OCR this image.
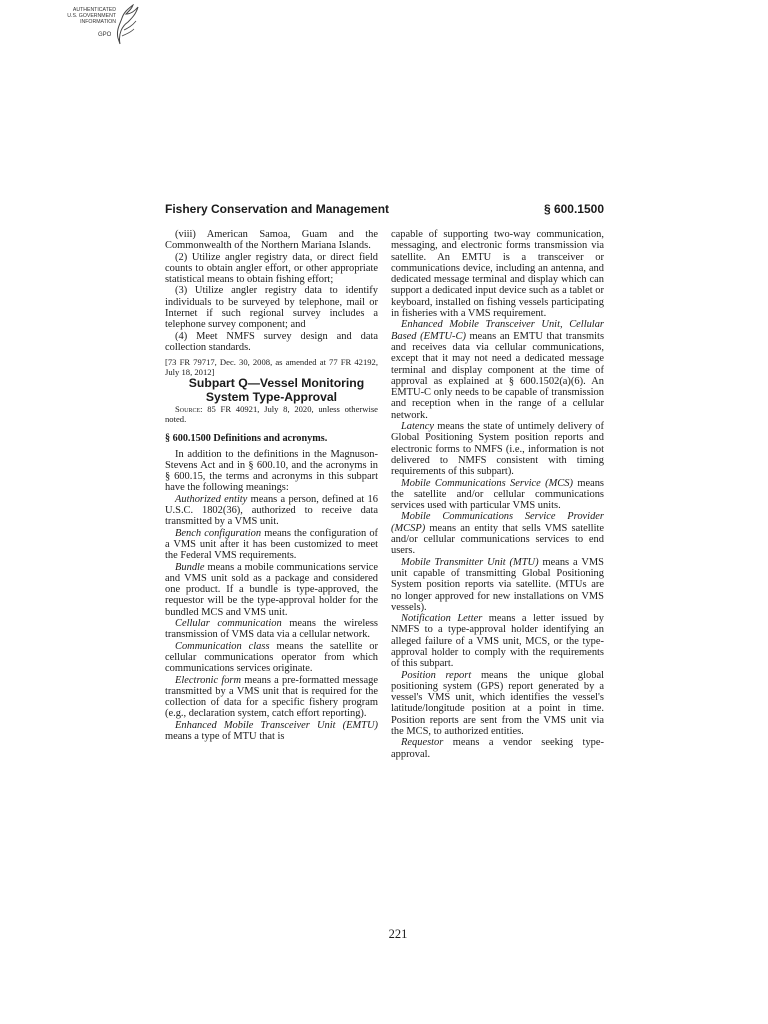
AUTHENTICATED
U.S. GOVERNMENT
INFORMATION
GPO
Fishery Conservation and Management	§ 600.1500

(viii) American Samoa, Guam and the Commonwealth of the Northern Mariana Islands.

(2) Utilize angler registry data, or direct field counts to obtain angler effort, or other appropriate statistical means to obtain fishing effort;

(3) Utilize angler registry data to identify individuals to be surveyed by telephone, mail or Internet if such regional survey includes a telephone survey component; and

(4) Meet NMFS survey design and data collection standards.

[73 FR 79717, Dec. 30, 2008, as amended at 77 FR 42192, July 18, 2012]

Subpart Q—Vessel Monitoring System Type-Approval

Source: 85 FR 40921, July 8, 2020, unless otherwise noted.

§ 600.1500 Definitions and acronyms.

In addition to the definitions in the Magnuson-Stevens Act and in § 600.10, and the acronyms in § 600.15, the terms and acronyms in this subpart have the following meanings:

Authorized entity means a person, defined at 16 U.S.C. 1802(36), authorized to receive data transmitted by a VMS unit.

Bench configuration means the configuration of a VMS unit after it has been customized to meet the Federal VMS requirements.

Bundle means a mobile communications service and VMS unit sold as a package and considered one product. If a bundle is type-approved, the requestor will be the type-approval holder for the bundled MCS and VMS unit.

Cellular communication means the wireless transmission of VMS data via a cellular network.

Communication class means the satellite or cellular communications operator from which communications services originate.

Electronic form means a pre-formatted message transmitted by a VMS unit that is required for the collection of data for a specific fishery program (e.g., declaration system, catch effort reporting).

Enhanced Mobile Transceiver Unit (EMTU) means a type of MTU that is

capable of supporting two-way communication, messaging, and electronic forms transmission via satellite. An EMTU is a transceiver or communications device, including an antenna, and dedicated message terminal and display which can support a dedicated input device such as a tablet or keyboard, installed on fishing vessels participating in fisheries with a VMS requirement.

Enhanced Mobile Transceiver Unit, Cellular Based (EMTU-C) means an EMTU that transmits and receives data via cellular communications, except that it may not need a dedicated message terminal and display component at the time of approval as explained at § 600.1502(a)(6). An EMTU-C only needs to be capable of transmission and reception when in the range of a cellular network.

Latency means the state of untimely delivery of Global Positioning System position reports and electronic forms to NMFS (i.e., information is not delivered to NMFS consistent with timing requirements of this subpart).

Mobile Communications Service (MCS) means the satellite and/or cellular communications services used with particular VMS units.

Mobile Communications Service Provider (MCSP) means an entity that sells VMS satellite and/or cellular communications services to end users.

Mobile Transmitter Unit (MTU) means a VMS unit capable of transmitting Global Positioning System position reports via satellite. (MTUs are no longer approved for new installations on VMS vessels).

Notification Letter means a letter issued by NMFS to a type-approval holder identifying an alleged failure of a VMS unit, MCS, or the type-approval holder to comply with the requirements of this subpart.

Position report means the unique global positioning system (GPS) report generated by a vessel's VMS unit, which identifies the vessel's latitude/longitude position at a point in time. Position reports are sent from the VMS unit via the MCS, to authorized entities.

Requestor means a vendor seeking type-approval.

221
